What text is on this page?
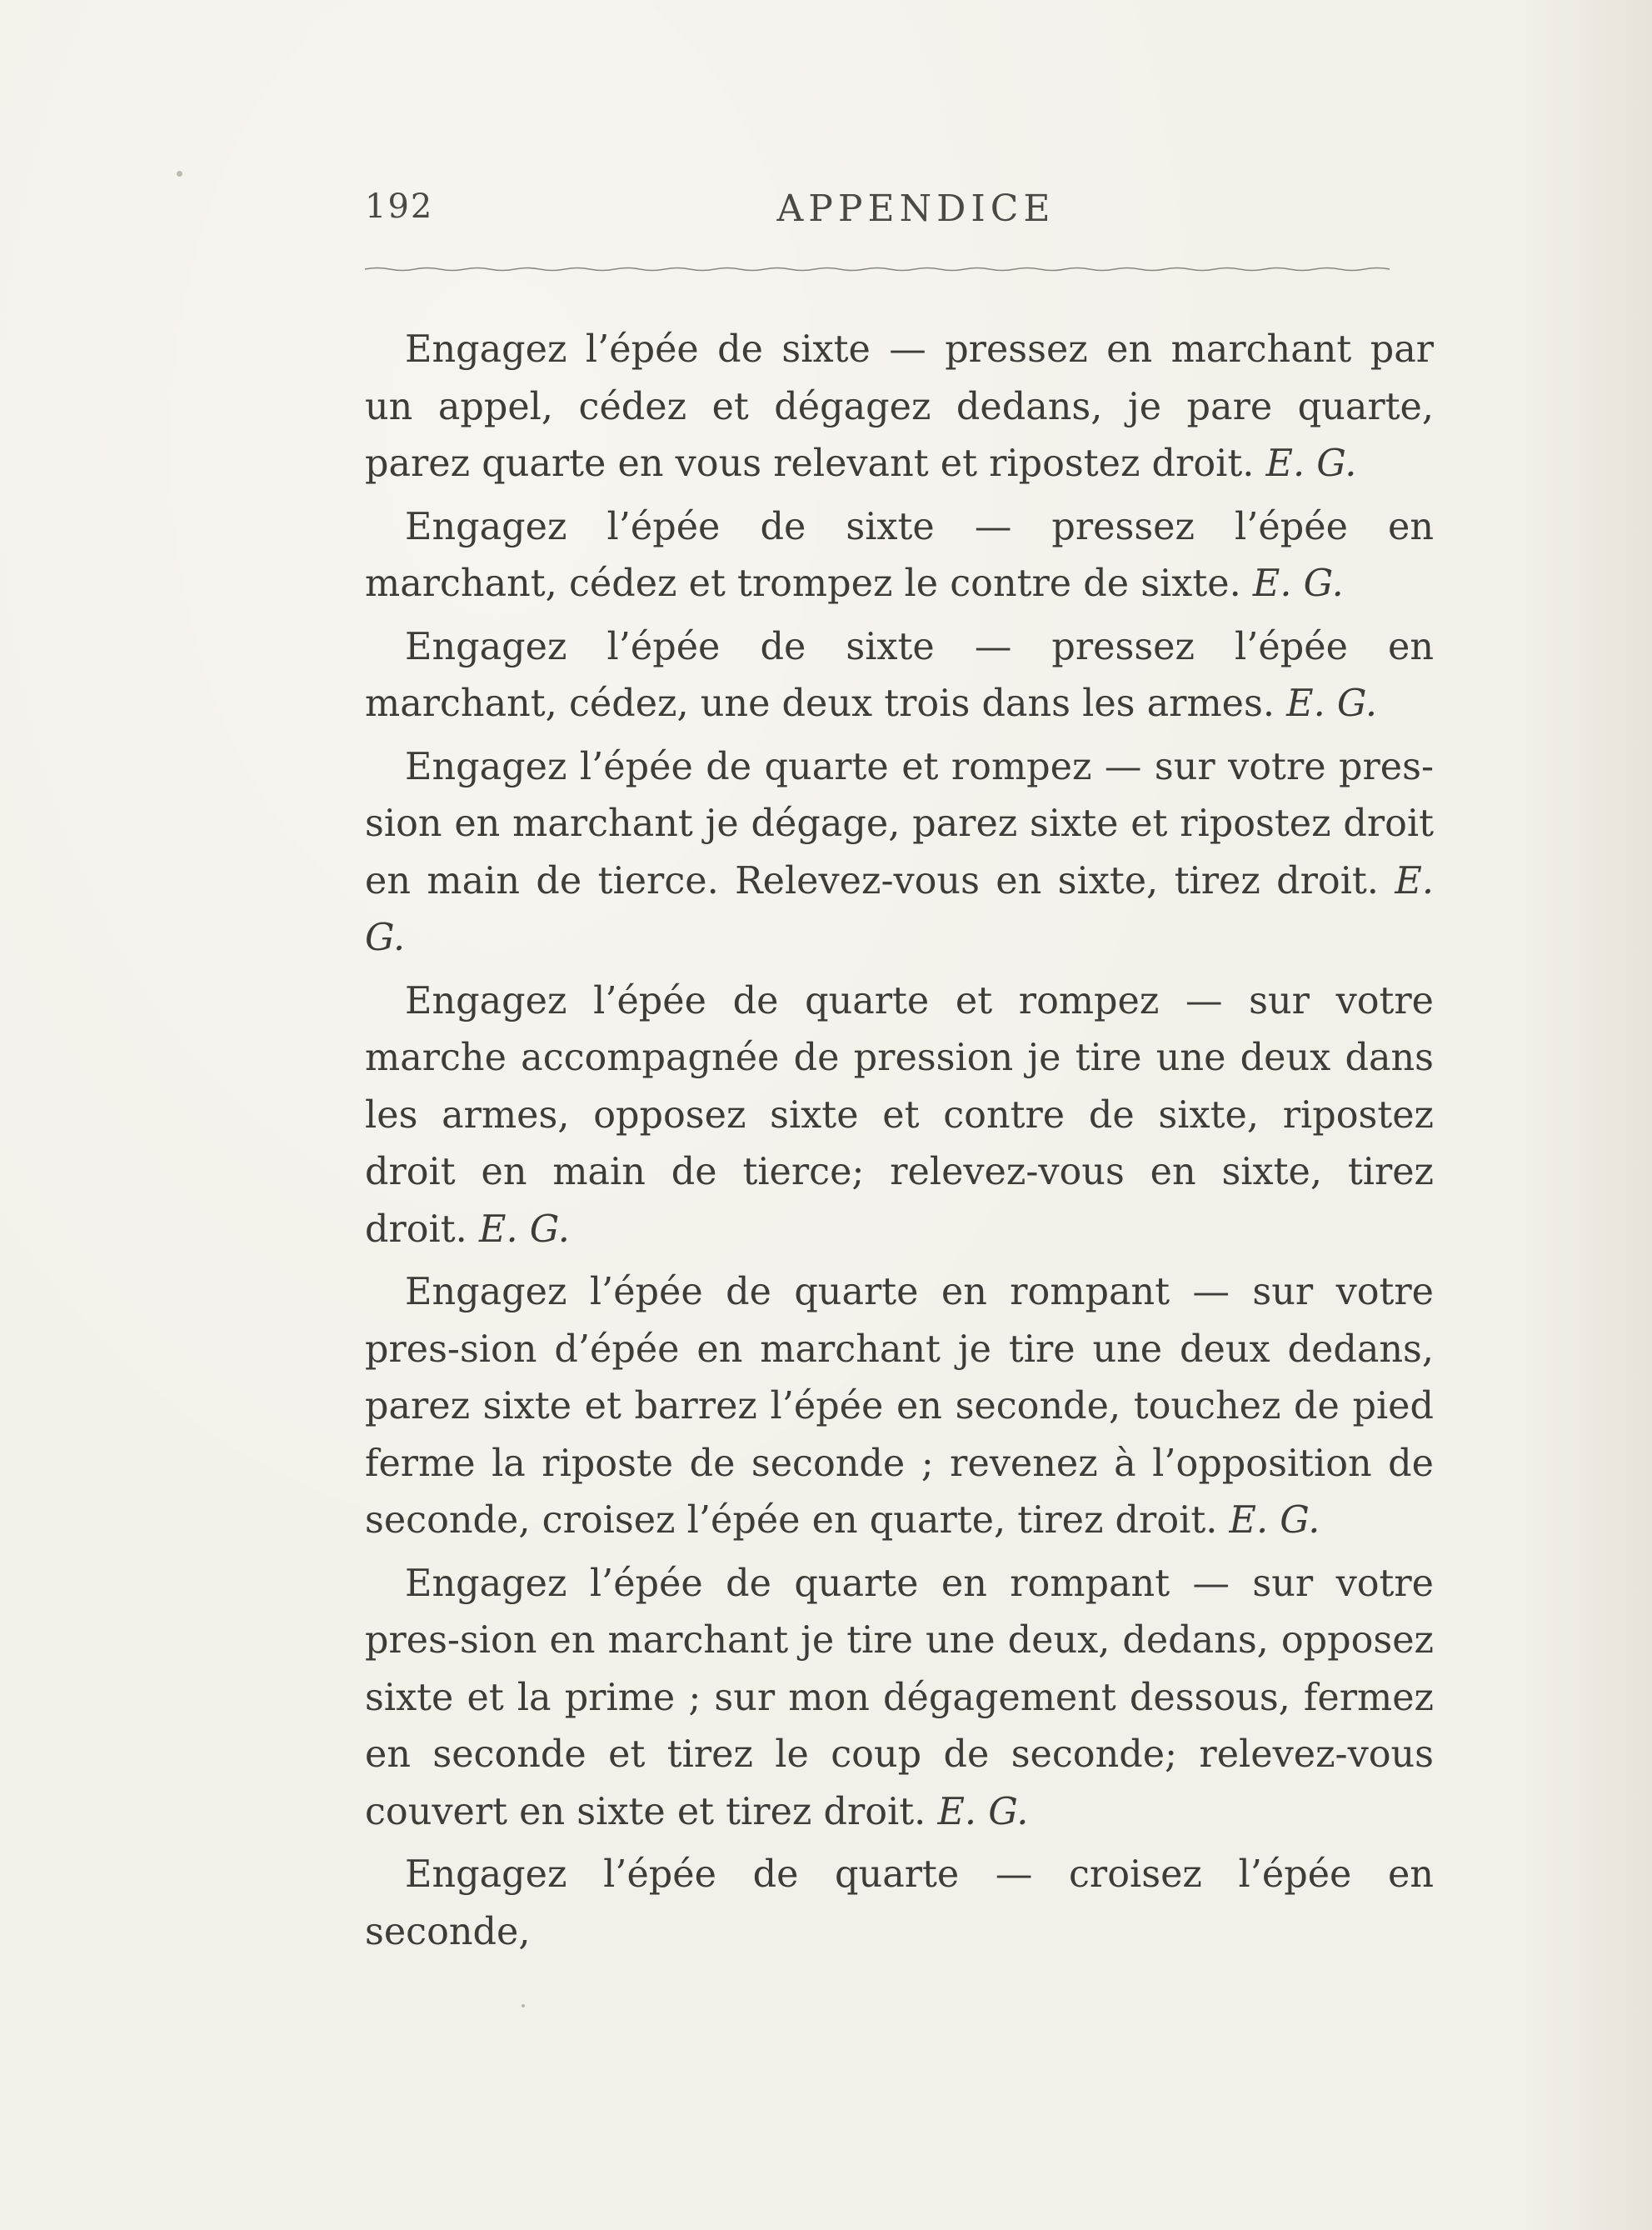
192	APPENDICE

Engagez l’épée de sixte — pressez en marchant par un appel, cédez et dégagez dedans, je pare quarte, parez quarte en vous relevant et ripostez droit. E. G.

Engagez l’épée de sixte — pressez l’épée en marchant, cédez et trompez le contre de sixte. E. G.

Engagez l’épée de sixte — pressez l’épée en marchant, cédez, une deux trois dans les armes. E. G.

Engagez l’épée de quarte et rompez — sur votre pres-sion en marchant je dégage, parez sixte et ripostez droit en main de tierce. Relevez-vous en sixte, tirez droit. E. G.

Engagez l’épée de quarte et rompez — sur votre marche accompagnée de pression je tire une deux dans les armes, opposez sixte et contre de sixte, ripostez droit en main de tierce; relevez-vous en sixte, tirez droit. E. G.

Engagez l’épée de quarte en rompant — sur votre pres-sion d’épée en marchant je tire une deux dedans, parez sixte et barrez l’épée en seconde, touchez de pied ferme la riposte de seconde ; revenez à l’opposition de seconde, croisez l’épée en quarte, tirez droit. E. G.

Engagez l’épée de quarte en rompant — sur votre pres-sion en marchant je tire une deux, dedans, opposez sixte et la prime ; sur mon dégagement dessous, fermez en seconde et tirez le coup de seconde; relevez-vous couvert en sixte et tirez droit. E. G.

Engagez l’épée de quarte — croisez l’épée en seconde,
